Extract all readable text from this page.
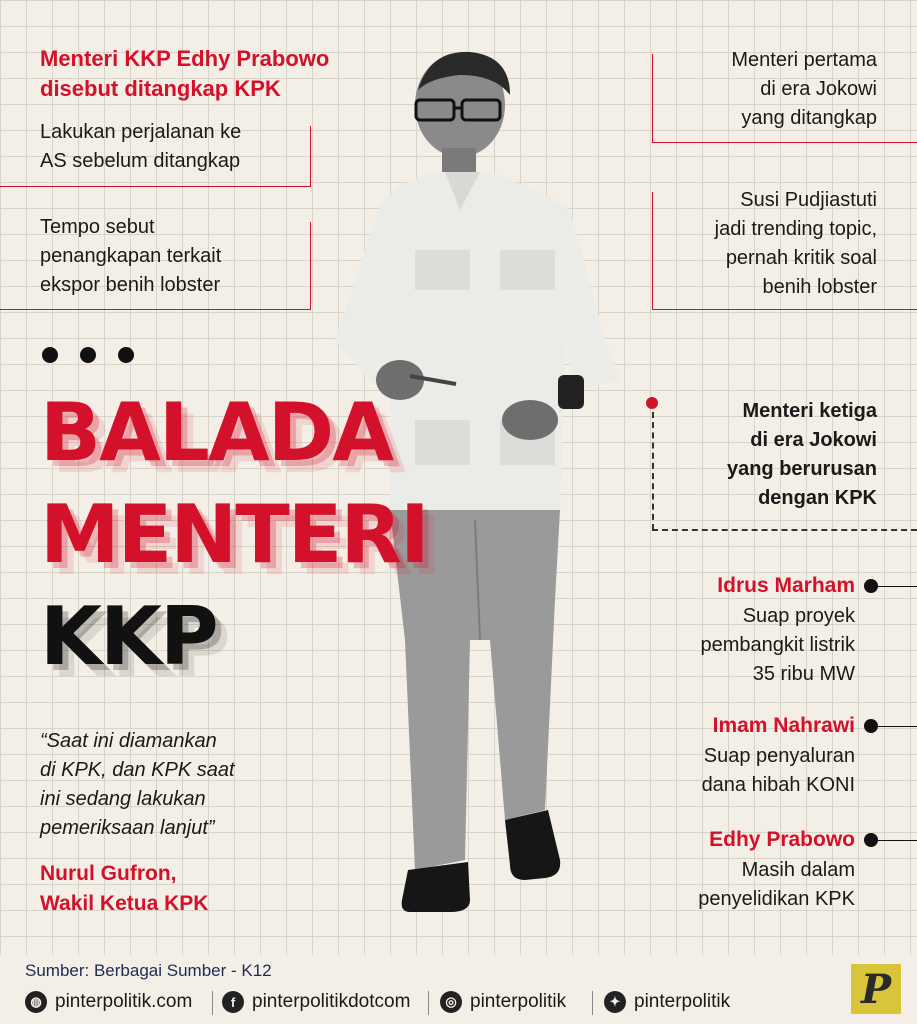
Menteri KKP Edhy Prabowo
disebut ditangkap KPK
Lakukan perjalanan ke
AS sebelum ditangkap
Tempo sebut
penangkapan terkait
ekspor benih lobster
BALADA
MENTERI
KKP
“Saat ini diamankan
di KPK, dan KPK saat
ini sedang lakukan
pemeriksaan lanjut”
Nurul Gufron,
Wakil Ketua KPK
Menteri pertama
di era Jokowi
yang ditangkap
Susi Pudjiastuti
jadi trending topic,
pernah kritik soal
benih lobster
Menteri ketiga
di era Jokowi
yang berurusan
dengan KPK
Idrus Marham
Suap proyek
pembangkit listrik
35 ribu MW
Imam Nahrawi
Suap penyaluran
dana hibah KONI
Edhy Prabowo
Masih dalam
penyelidikan KPK
Sumber: Berbagai Sumber - K12
◍ pinterpolitik.com	f pinterpolitikdotcom	◎ pinterpolitik	✦ pinterpolitik	P
